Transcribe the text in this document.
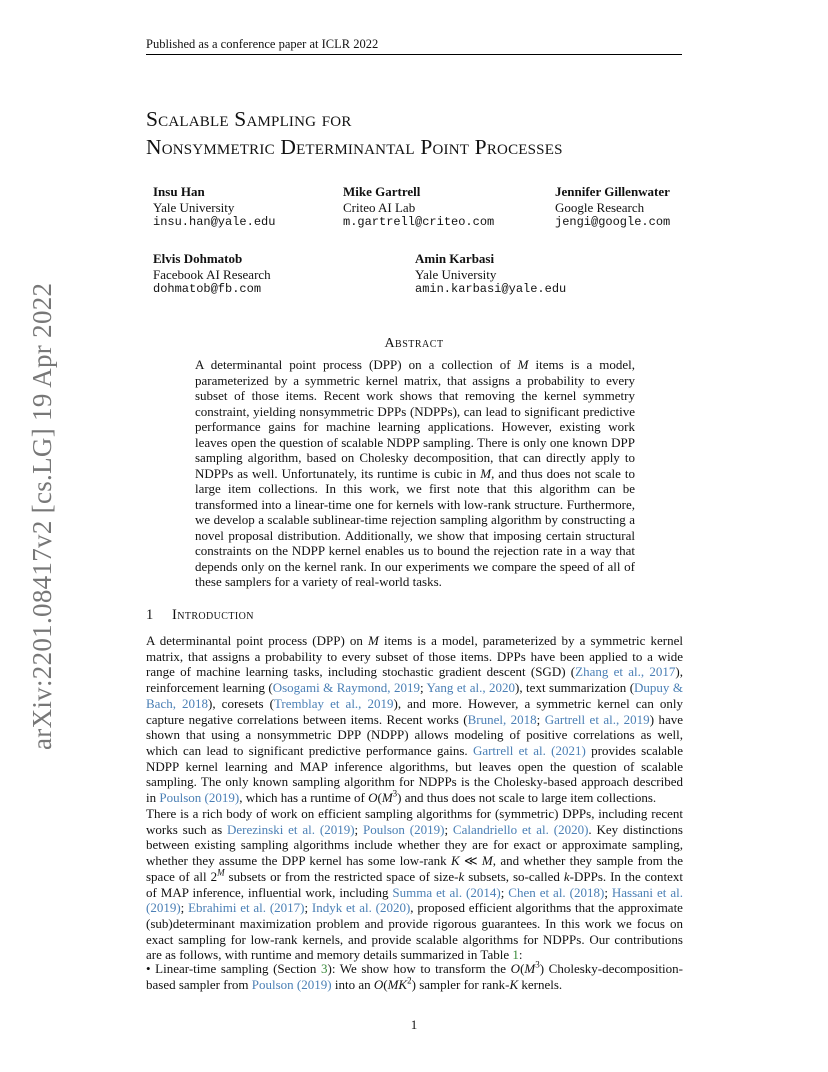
Published as a conference paper at ICLR 2022
arXiv:2201.08417v2 [cs.LG] 19 Apr 2022
Scalable Sampling for
Nonsymmetric Determinantal Point Processes
Insu Han
Yale University
insu.han@yale.edu
Mike Gartrell
Criteo AI Lab
m.gartrell@criteo.com
Jennifer Gillenwater
Google Research
jengi@google.com
Elvis Dohmatob
Facebook AI Research
dohmatob@fb.com
Amin Karbasi
Yale University
amin.karbasi@yale.edu
Abstract
A determinantal point process (DPP) on a collection of M items is a model, parameterized by a symmetric kernel matrix, that assigns a probability to every subset of those items. Recent work shows that removing the kernel symmetry constraint, yielding nonsymmetric DPPs (NDPPs), can lead to significant predictive performance gains for machine learning applications. However, existing work leaves open the question of scalable NDPP sampling. There is only one known DPP sampling algorithm, based on Cholesky decomposition, that can directly apply to NDPPs as well. Unfortunately, its runtime is cubic in M, and thus does not scale to large item collections. In this work, we first note that this algorithm can be transformed into a linear-time one for kernels with low-rank structure. Furthermore, we develop a scalable sublinear-time rejection sampling algorithm by constructing a novel proposal distribution. Additionally, we show that imposing certain structural constraints on the NDPP kernel enables us to bound the rejection rate in a way that depends only on the kernel rank. In our experiments we compare the speed of all of these samplers for a variety of real-world tasks.
1 Introduction
A determinantal point process (DPP) on M items is a model, parameterized by a symmetric kernel matrix, that assigns a probability to every subset of those items. DPPs have been applied to a wide range of machine learning tasks, including stochastic gradient descent (SGD) (Zhang et al., 2017), reinforcement learning (Osogami & Raymond, 2019; Yang et al., 2020), text summarization (Dupuy & Bach, 2018), coresets (Tremblay et al., 2019), and more. However, a symmetric kernel can only capture negative correlations between items. Recent works (Brunel, 2018; Gartrell et al., 2019) have shown that using a nonsymmetric DPP (NDPP) allows modeling of positive correlations as well, which can lead to significant predictive performance gains. Gartrell et al. (2021) provides scalable NDPP kernel learning and MAP inference algorithms, but leaves open the question of scalable sampling. The only known sampling algorithm for NDPPs is the Cholesky-based approach described in Poulson (2019), which has a runtime of $O(M^3)$ and thus does not scale to large item collections.
There is a rich body of work on efficient sampling algorithms for (symmetric) DPPs, including recent works such as Derezinski et al. (2019); Poulson (2019); Calandriello et al. (2020). Key distinctions between existing sampling algorithms include whether they are for exact or approximate sampling, whether they assume the DPP kernel has some low-rank K ≪ M, and whether they sample from the space of all $2^M$ subsets or from the restricted space of size-k subsets, so-called k-DPPs. In the context of MAP inference, influential work, including Summa et al. (2014); Chen et al. (2018); Hassani et al. (2019); Ebrahimi et al. (2017); Indyk et al. (2020), proposed efficient algorithms that the approximate (sub)determinant maximization problem and provide rigorous guarantees. In this work we focus on exact sampling for low-rank kernels, and provide scalable algorithms for NDPPs. Our contributions are as follows, with runtime and memory details summarized in Table 1:
• Linear-time sampling (Section 3): We show how to transform the $O(M^3)$ Cholesky-decomposition-based sampler from Poulson (2019) into an $O(MK^2)$ sampler for rank-K kernels.
1
